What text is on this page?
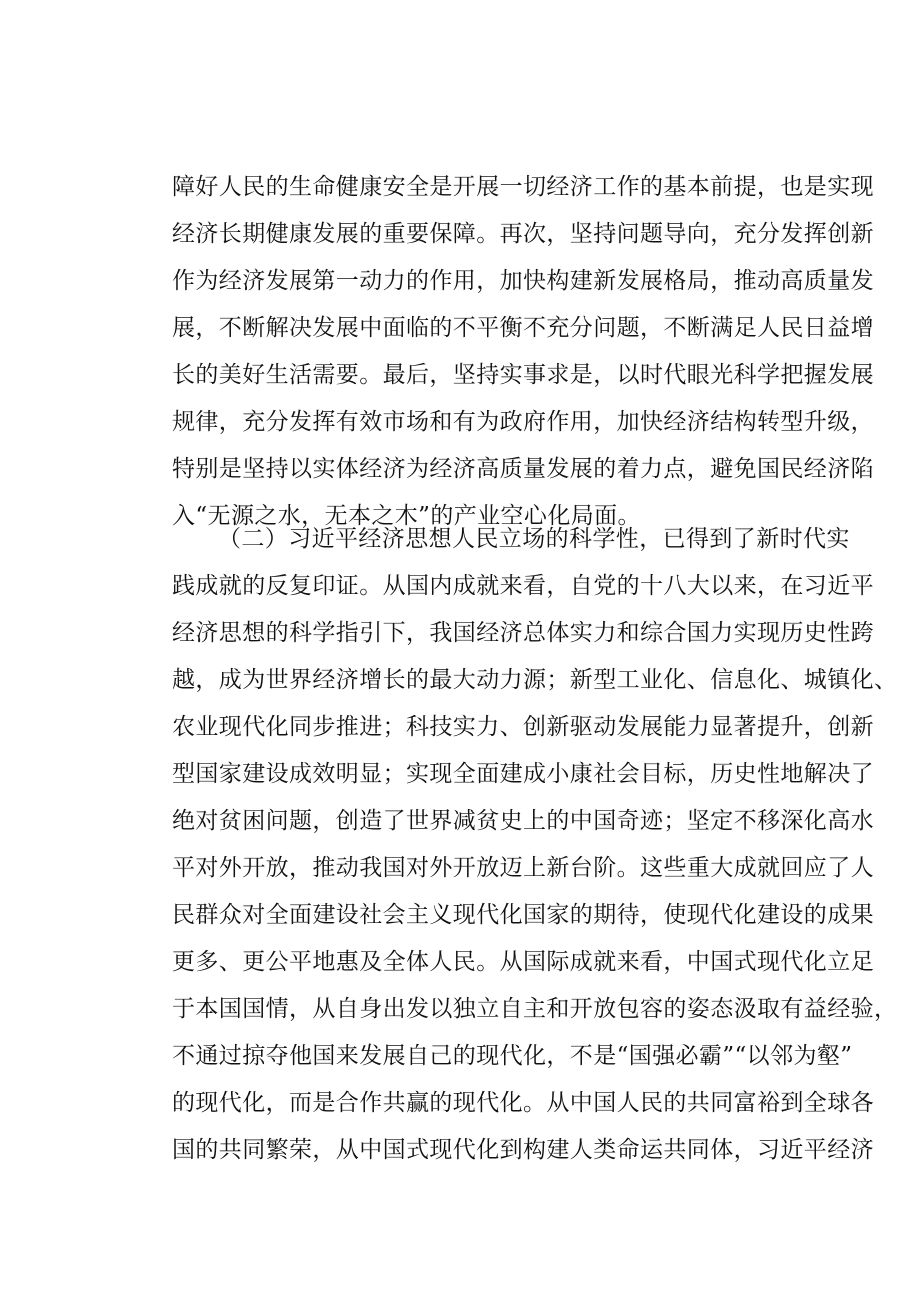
障好人民的生命健康安全是开展一切经济工作的基本前提，也是实现
经济长期健康发展的重要保障。再次，坚持问题导向，充分发挥创新
作为经济发展第一动力的作用，加快构建新发展格局，推动高质量发
展，不断解决发展中面临的不平衡不充分问题，不断满足人民日益增
长的美好生活需要。最后，坚持实事求是，以时代眼光科学把握发展
规律，充分发挥有效市场和有为政府作用，加快经济结构转型升级，
特别是坚持以实体经济为经济高质量发展的着力点，避免国民经济陷
入“无源之水，无本之木”的产业空心化局面。
（二）习近平经济思想人民立场的科学性，已得到了新时代实
践成就的反复印证。从国内成就来看，自党的十八大以来，在习近平
经济思想的科学指引下，我国经济总体实力和综合国力实现历史性跨
越，成为世界经济增长的最大动力源；新型工业化、信息化、城镇化、
农业现代化同步推进；科技实力、创新驱动发展能力显著提升，创新
型国家建设成效明显；实现全面建成小康社会目标，历史性地解决了
绝对贫困问题，创造了世界减贫史上的中国奇迹；坚定不移深化高水
平对外开放，推动我国对外开放迈上新台阶。这些重大成就回应了人
民群众对全面建设社会主义现代化国家的期待，使现代化建设的成果
更多、更公平地惠及全体人民。从国际成就来看，中国式现代化立足
于本国国情，从自身出发以独立自主和开放包容的姿态汲取有益经验，
不通过掠夺他国来发展自己的现代化，不是“国强必霸”“以邻为壑”
的现代化，而是合作共赢的现代化。从中国人民的共同富裕到全球各
国的共同繁荣，从中国式现代化到构建人类命运共同体，习近平经济
